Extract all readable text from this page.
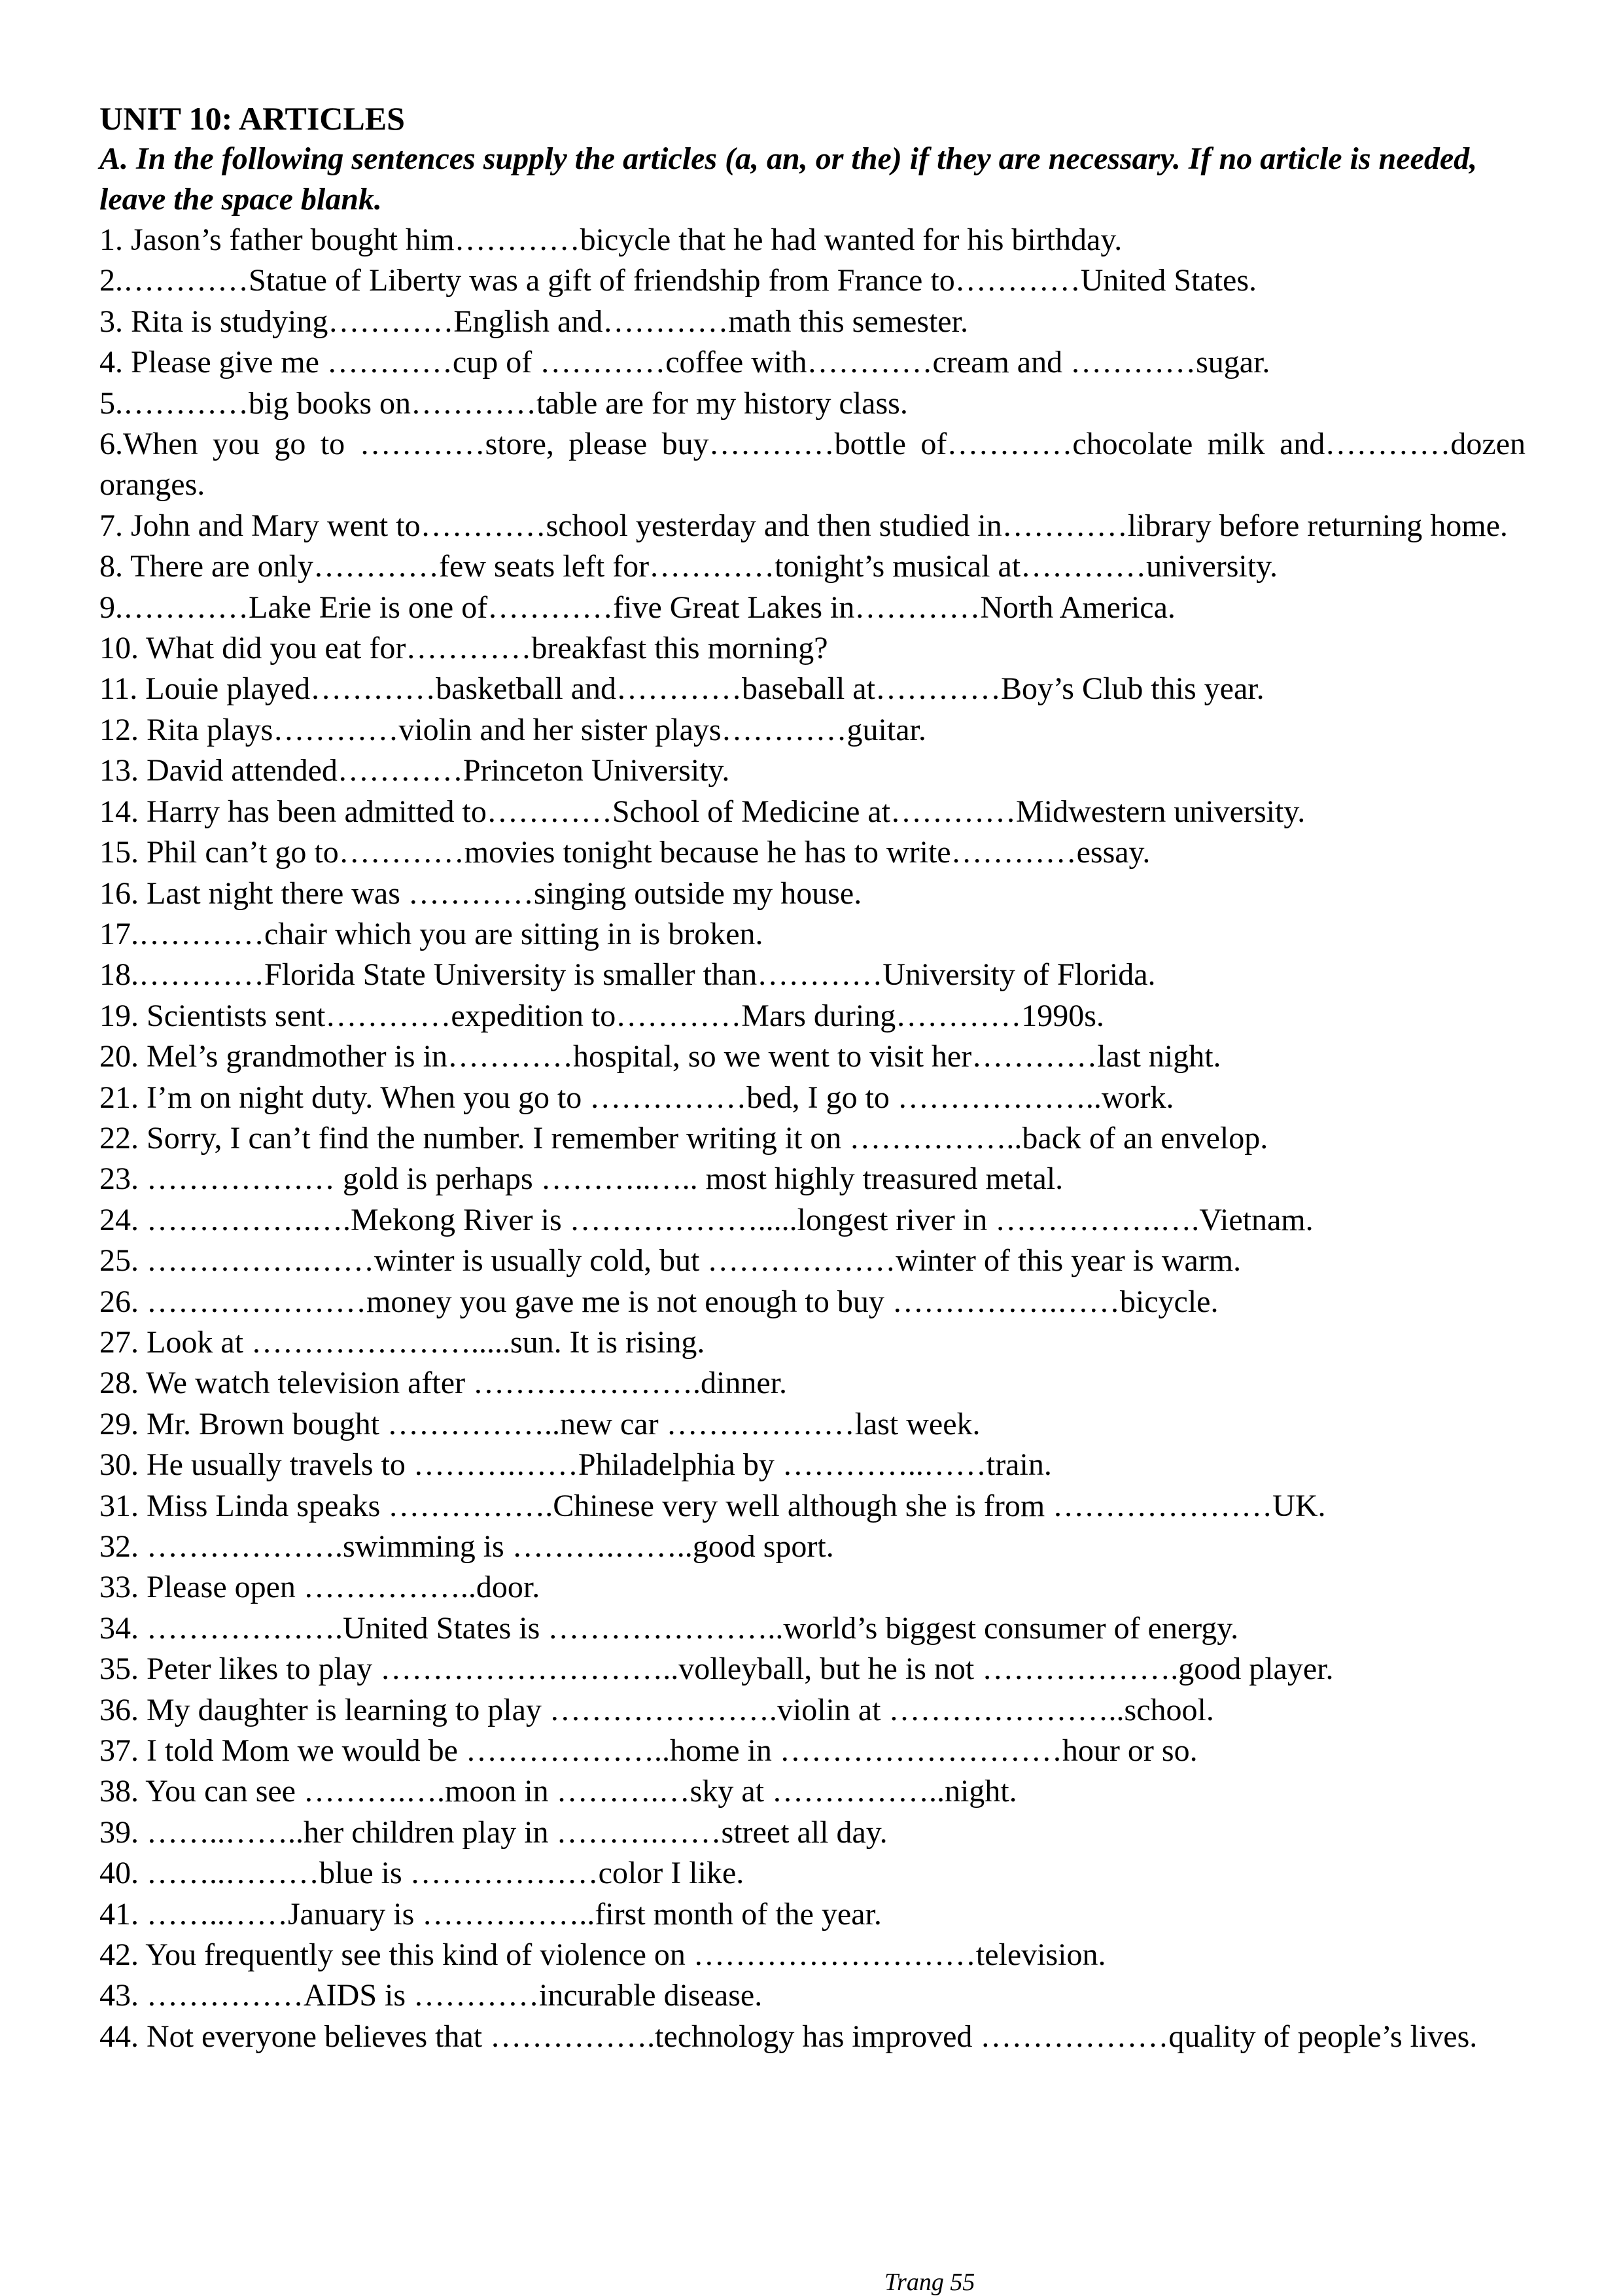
UNIT 10: ARTICLES
A. In the following sentences supply the articles (a, an, or the) if they are necessary. If no article is needed, leave the space blank.
1. Jason’s father bought him…………bicycle that he had wanted for his birthday.
2.…………Statue of Liberty was a gift of friendship from France to…………United States.
3. Rita is studying…………English and…………math this semester.
4. Please give me …………cup of …………coffee with…………cream and …………sugar.
5.…………big books on…………table are for my history class.
6.When you go to …………store, please buy…………bottle of…………chocolate milk and…………dozen oranges.
7. John and Mary went to…………school yesterday and then studied in…………library before returning home.
8. There are only…………few seats left for…………tonight’s musical at…………university.
9.…………Lake Erie is one of…………five Great Lakes in…………North America.
10. What did you eat for…………breakfast this morning?
11. Louie played…………basketball and…………baseball at…………Boy’s Club this year.
12. Rita plays…………violin and her sister plays…………guitar.
13. David attended…………Princeton University.
14. Harry has been admitted to…………School of Medicine at…………Midwestern university.
15. Phil can’t go to…………movies tonight because he has to write…………essay.
16. Last night there was …………singing outside my house.
17.…………chair which you are sitting in is broken.
18.…………Florida State University is smaller than…………University of Florida.
19. Scientists sent…………expedition to…………Mars during…………1990s.
20. Mel’s grandmother is in…………hospital, so we went to visit her…………last night.
21. I’m on night duty. When you go to ……………bed, I go to ………………..work.
22. Sorry, I can’t find the number. I remember writing it on ……………..back of an envelop.
23. ……………… gold is perhaps ………..….. most highly treasured metal.
24. …………….….Mekong River is ……………….....longest river in …………….….Vietnam.
25. …………….……winter is usually cold, but ………………winter of this year is warm.
26. …………………money you gave me is not enough to buy …………….……bicycle.
27. Look at ………………….....sun. It is rising.
28. We watch television after ………………….dinner.
29. Mr. Brown bought ……………..new car ………………last week.
30. He usually travels to ……….……Philadelphia by …………..……train.
31. Miss Linda speaks …………….Chinese very well although she is from …………………UK.
32. ……………….swimming is ……….……..good sport.
33. Please open ……………..door.
34. ……………….United States is …………………..world’s biggest consumer of energy.
35. Peter likes to play ………………………..volleyball, but he is not ……………….good player.
36. My daughter is learning to play ………………….violin at …………………..school.
37. I told Mom we would be ………………..home in ………………………hour or so.
38. You can see ……….….moon in ……….…sky at ……………..night.
39. ……..……..her children play in ……….……street all day.
40. ……..………blue is ………………color I like.
41. ……..……January is ……………..first month of the year.
42. You frequently see this kind of violence on ………………………television.
43. ……………AIDS is …………incurable disease.
44. Not everyone believes that …………….technology has improved ………………quality of people’s lives.
Trang 55
